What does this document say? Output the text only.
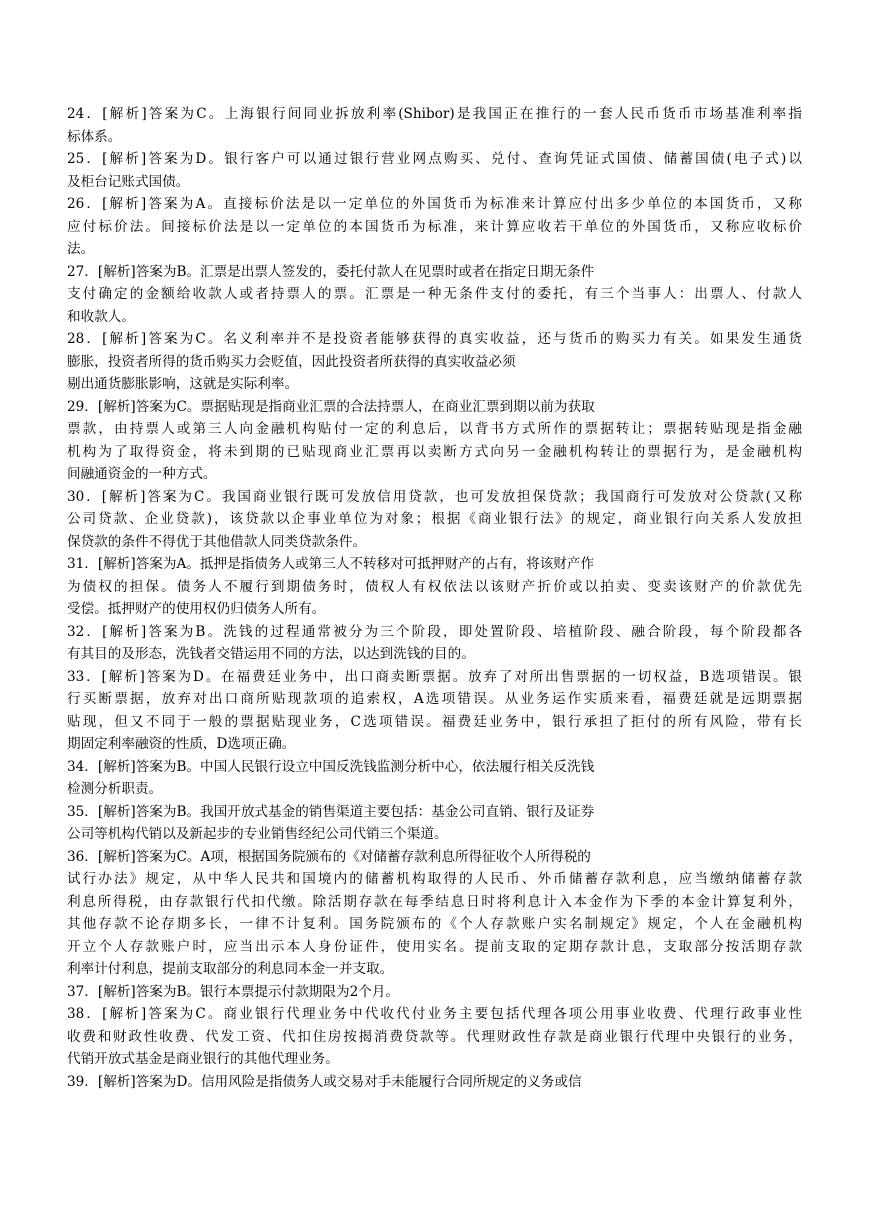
24．[解析]答案为C。上海银行间同业拆放利率(Shibor)是我国正在推行的一套人民币货币市场基准利率指
标体系。
25．[解析]答案为D。银行客户可以通过银行营业网点购买、兑付、查询凭证式国债、储蓄国债(电子式)以
及柜台记账式国债。
26．[解析]答案为A。直接标价法是以一定单位的外国货币为标准来计算应付出多少单位的本国货币，又称
应付标价法。间接标价法是以一定单位的本国货币为标准，来计算应收若干单位的外国货币，又称应收标价
法。
27．[解析]答案为B。汇票是出票人签发的，委托付款人在见票时或者在指定日期无条件
支付确定的金额给收款人或者持票人的票。汇票是一种无条件支付的委托，有三个当事人：出票人、付款人
和收款人。
28．[解析]答案为C。名义利率并不是投资者能够获得的真实收益，还与货币的购买力有关。如果发生通货
膨胀，投资者所得的货币购买力会贬值，因此投资者所获得的真实收益必须
剔出通货膨胀影响，这就是实际利率。
29．[解析]答案为C。票据贴现是指商业汇票的合法持票人，在商业汇票到期以前为获取
票款，由持票人或第三人向金融机构贴付一定的利息后，以背书方式所作的票据转让；票据转贴现是指金融
机构为了取得资金，将未到期的已贴现商业汇票再以卖断方式向另一金融机构转让的票据行为，是金融机构
间融通资金的一种方式。
30．[解析]答案为C。我国商业银行既可发放信用贷款，也可发放担保贷款；我国商行可发放对公贷款(又称
公司贷款、企业贷款)，该贷款以企事业单位为对象；根据《商业银行法》的规定，商业银行向关系人发放担
保贷款的条件不得优于其他借款人同类贷款条件。
31．[解析]答案为A。抵押是指债务人或第三人不转移对可抵押财产的占有，将该财产作
为债权的担保。债务人不履行到期债务时，债权人有权依法以该财产折价或以拍卖、变卖该财产的价款优先
受偿。抵押财产的使用权仍归债务人所有。
32．[解析]答案为B。洗钱的过程通常被分为三个阶段，即处置阶段、培植阶段、融合阶段，每个阶段都各
有其目的及形态，洗钱者交错运用不同的方法，以达到洗钱的目的。
33．[解析]答案为D。在福费廷业务中，出口商卖断票据。放弃了对所出售票据的一切权益，B选项错误。银
行买断票据，放弃对出口商所贴现款项的追索权，A选项错误。从业务运作实质来看，福费廷就是远期票据
贴现，但又不同于一般的票据贴现业务，C选项错误。福费廷业务中，银行承担了拒付的所有风险，带有长
期固定利率融资的性质，D选项正确。
34．[解析]答案为B。中国人民银行设立中国反洗钱监测分析中心，依法履行相关反洗钱
检测分析职责。
35．[解析]答案为B。我国开放式基金的销售渠道主要包括：基金公司直销、银行及证券
公司等机构代销以及新起步的专业销售经纪公司代销三个渠道。
36．[解析]答案为C。A项，根据国务院颁布的《对储蓄存款利息所得征收个人所得税的
试行办法》规定，从中华人民共和国境内的储蓄机构取得的人民币、外币储蓄存款利息，应当缴纳储蓄存款
利息所得税，由存款银行代扣代缴。除活期存款在每季结息日时将利息计入本金作为下季的本金计算复利外，
其他存款不论存期多长，一律不计复利。国务院颁布的《个人存款账户实名制规定》规定，个人在金融机构
开立个人存款账户时，应当出示本人身份证件，使用实名。提前支取的定期存款计息，支取部分按活期存款
利率计付利息，提前支取部分的利息同本金一并支取。
37．[解析]答案为B。银行本票提示付款期限为2个月。
38．[解析]答案为C。商业银行代理业务中代收代付业务主要包括代理各项公用事业收费、代理行政事业性
收费和财政性收费、代发工资、代扣住房按揭消费贷款等。代理财政性存款是商业银行代理中央银行的业务，
代销开放式基金是商业银行的其他代理业务。
39．[解析]答案为D。信用风险是指债务人或交易对手未能履行合同所规定的义务或信
